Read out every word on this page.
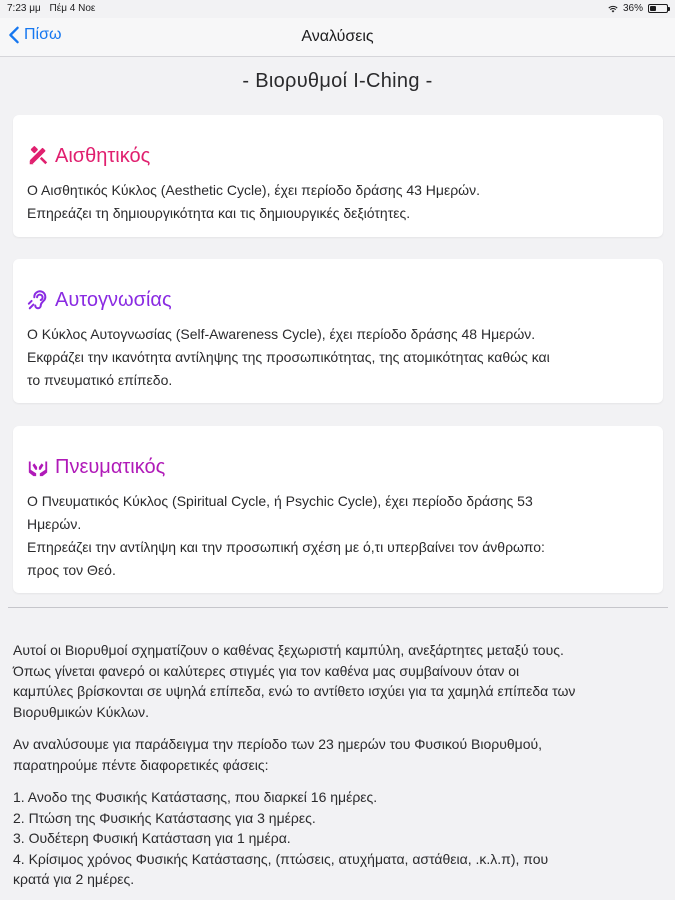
7:23 μμ Πέμ 4 Νοε	36%
Πίσω	Αναλύσεις
- Βιορυθμοί I-Ching -
Αισθητικός

Ο Αισθητικός Κύκλος (Aesthetic Cycle), έχει περίοδο δράσης 43 Ημερών.

Επηρεάζει τη δημιουργικότητα και τις δημιουργικές δεξιότητες.

Αυτογνωσίας

Ο Κύκλος Αυτογνωσίας (Self-Awareness Cycle), έχει περίοδο δράσης 48 Ημερών.

Εκφράζει την ικανότητα αντίληψης της προσωπικότητας, της ατομικότητας καθώς και

το πνευματικό επίπεδο.

Πνευματικός

Ο Πνευματικός Κύκλος (Spiritual Cycle, ή Psychic Cycle), έχει περίοδο δράσης 53

Ημερών.

Επηρεάζει την αντίληψη και την προσωπική σχέση με ό,τι υπερβαίνει τον άνθρωπο:

προς τον Θεό.

Αυτοί οι Βιορυθμοί σχηματίζουν ο καθένας ξεχωριστή καμπύλη, ανεξάρτητες μεταξύ τους.
Όπως γίνεται φανερό οι καλύτερες στιγμές για τον καθένα μας συμβαίνουν όταν οι
καμπύλες βρίσκονται σε υψηλά επίπεδα, ενώ το αντίθετο ισχύει για τα χαμηλά επίπεδα των
Βιορυθμικών Κύκλων.

Αν αναλύσουμε για παράδειγμα την περίοδο των 23 ημερών του Φυσικού Βιορυθμού,
παρατηρούμε πέντε διαφορετικές φάσεις:

1. Ανοδο της Φυσικής Κατάστασης, που διαρκεί 16 ημέρες.

2. Πτώση της Φυσικής Κατάστασης για 3 ημέρες.

3. Ουδέτερη Φυσική Κατάσταση για 1 ημέρα.

4. Κρίσιμος χρόνος Φυσικής Κατάστασης, (πτώσεις, ατυχήματα, αστάθεια, .κ.λ.π), που

κρατά για 2 ημέρες.
